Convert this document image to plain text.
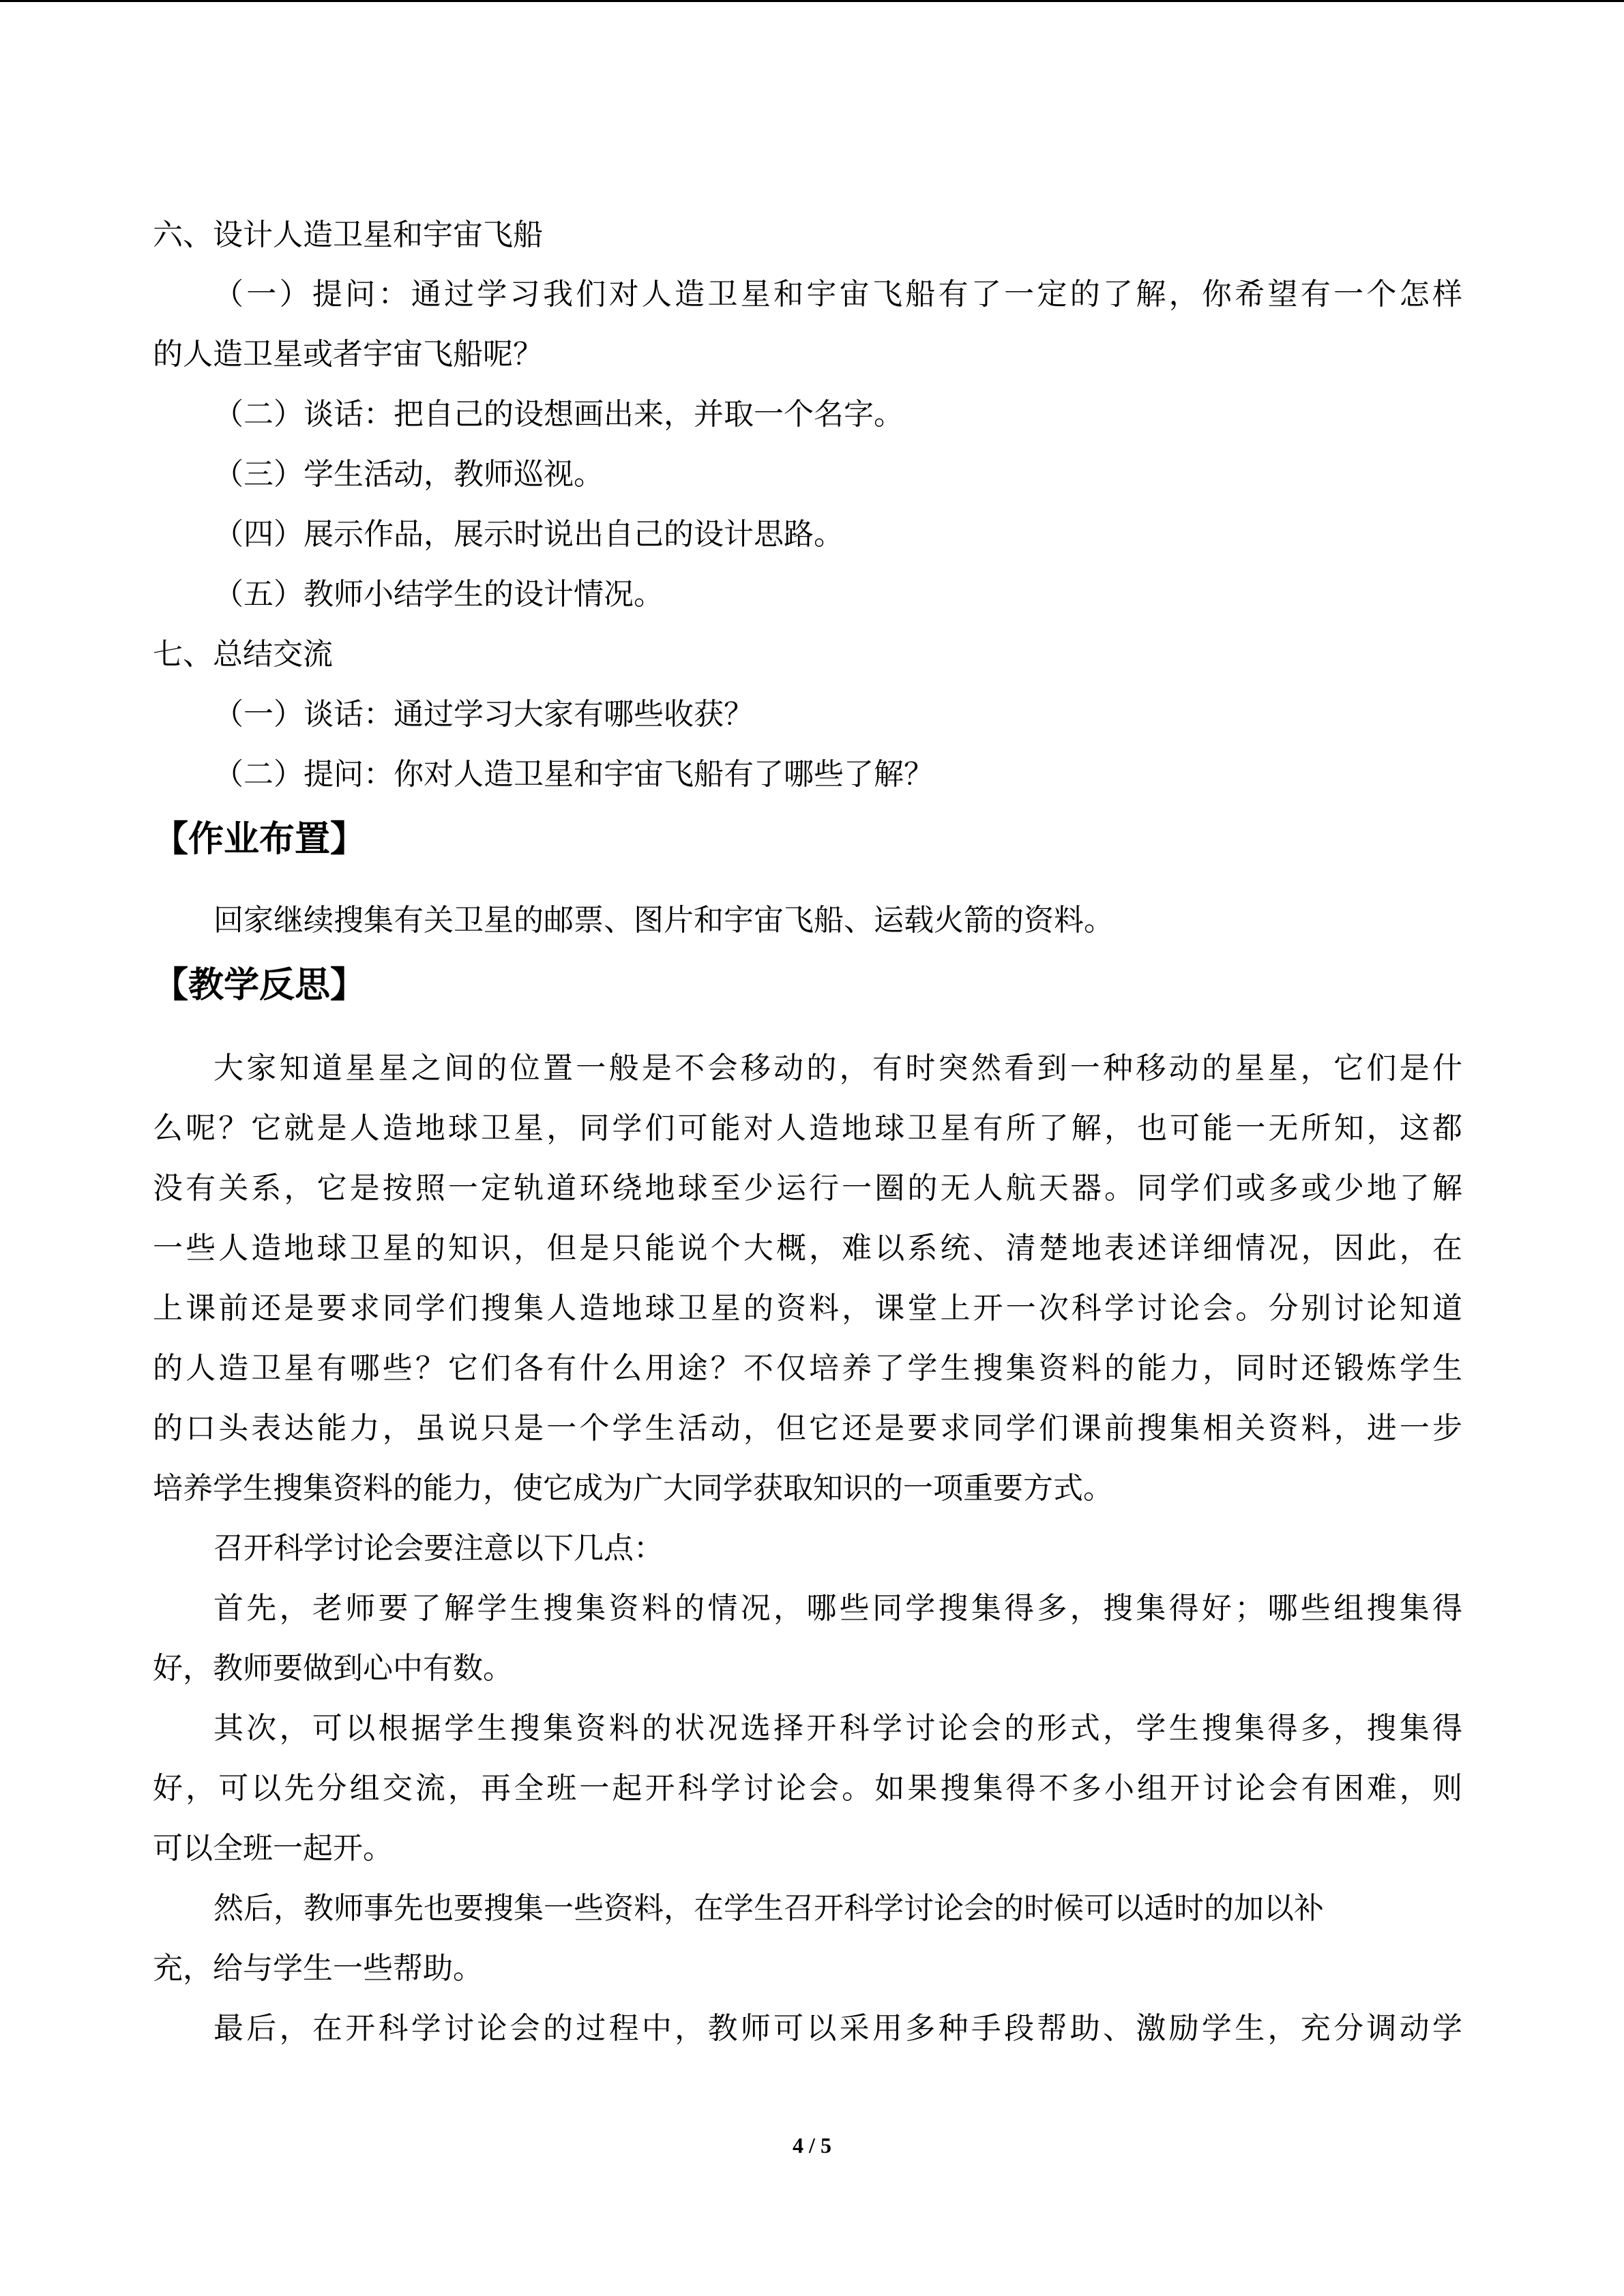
六、设计人造卫星和宇宙飞船
（一）提问：通过学习我们对人造卫星和宇宙飞船有了一定的了解，你希望有一个怎样
的人造卫星或者宇宙飞船呢？
（二）谈话：把自己的设想画出来，并取一个名字。
（三）学生活动，教师巡视。
（四）展示作品，展示时说出自己的设计思路。
（五）教师小结学生的设计情况。
七、总结交流
（一）谈话：通过学习大家有哪些收获？
（二）提问：你对人造卫星和宇宙飞船有了哪些了解？
【作业布置】
回家继续搜集有关卫星的邮票、图片和宇宙飞船、运载火箭的资料。
【教学反思】
大家知道星星之间的位置一般是不会移动的，有时突然看到一种移动的星星，它们是什
么呢？它就是人造地球卫星，同学们可能对人造地球卫星有所了解，也可能一无所知，这都
没有关系，它是按照一定轨道环绕地球至少运行一圈的无人航天器。同学们或多或少地了解
一些人造地球卫星的知识，但是只能说个大概，难以系统、清楚地表述详细情况，因此，在
上课前还是要求同学们搜集人造地球卫星的资料，课堂上开一次科学讨论会。分别讨论知道
的人造卫星有哪些？它们各有什么用途？不仅培养了学生搜集资料的能力，同时还锻炼学生
的口头表达能力，虽说只是一个学生活动，但它还是要求同学们课前搜集相关资料，进一步
培养学生搜集资料的能力，使它成为广大同学获取知识的一项重要方式。
召开科学讨论会要注意以下几点：
首先，老师要了解学生搜集资料的情况，哪些同学搜集得多，搜集得好；哪些组搜集得
好，教师要做到心中有数。
其次，可以根据学生搜集资料的状况选择开科学讨论会的形式，学生搜集得多，搜集得
好，可以先分组交流，再全班一起开科学讨论会。如果搜集得不多小组开讨论会有困难，则
可以全班一起开。
然后，教师事先也要搜集一些资料，在学生召开科学讨论会的时候可以适时的加以补
充，给与学生一些帮助。
最后，在开科学讨论会的过程中，教师可以采用多种手段帮助、激励学生，充分调动学
4 / 5
